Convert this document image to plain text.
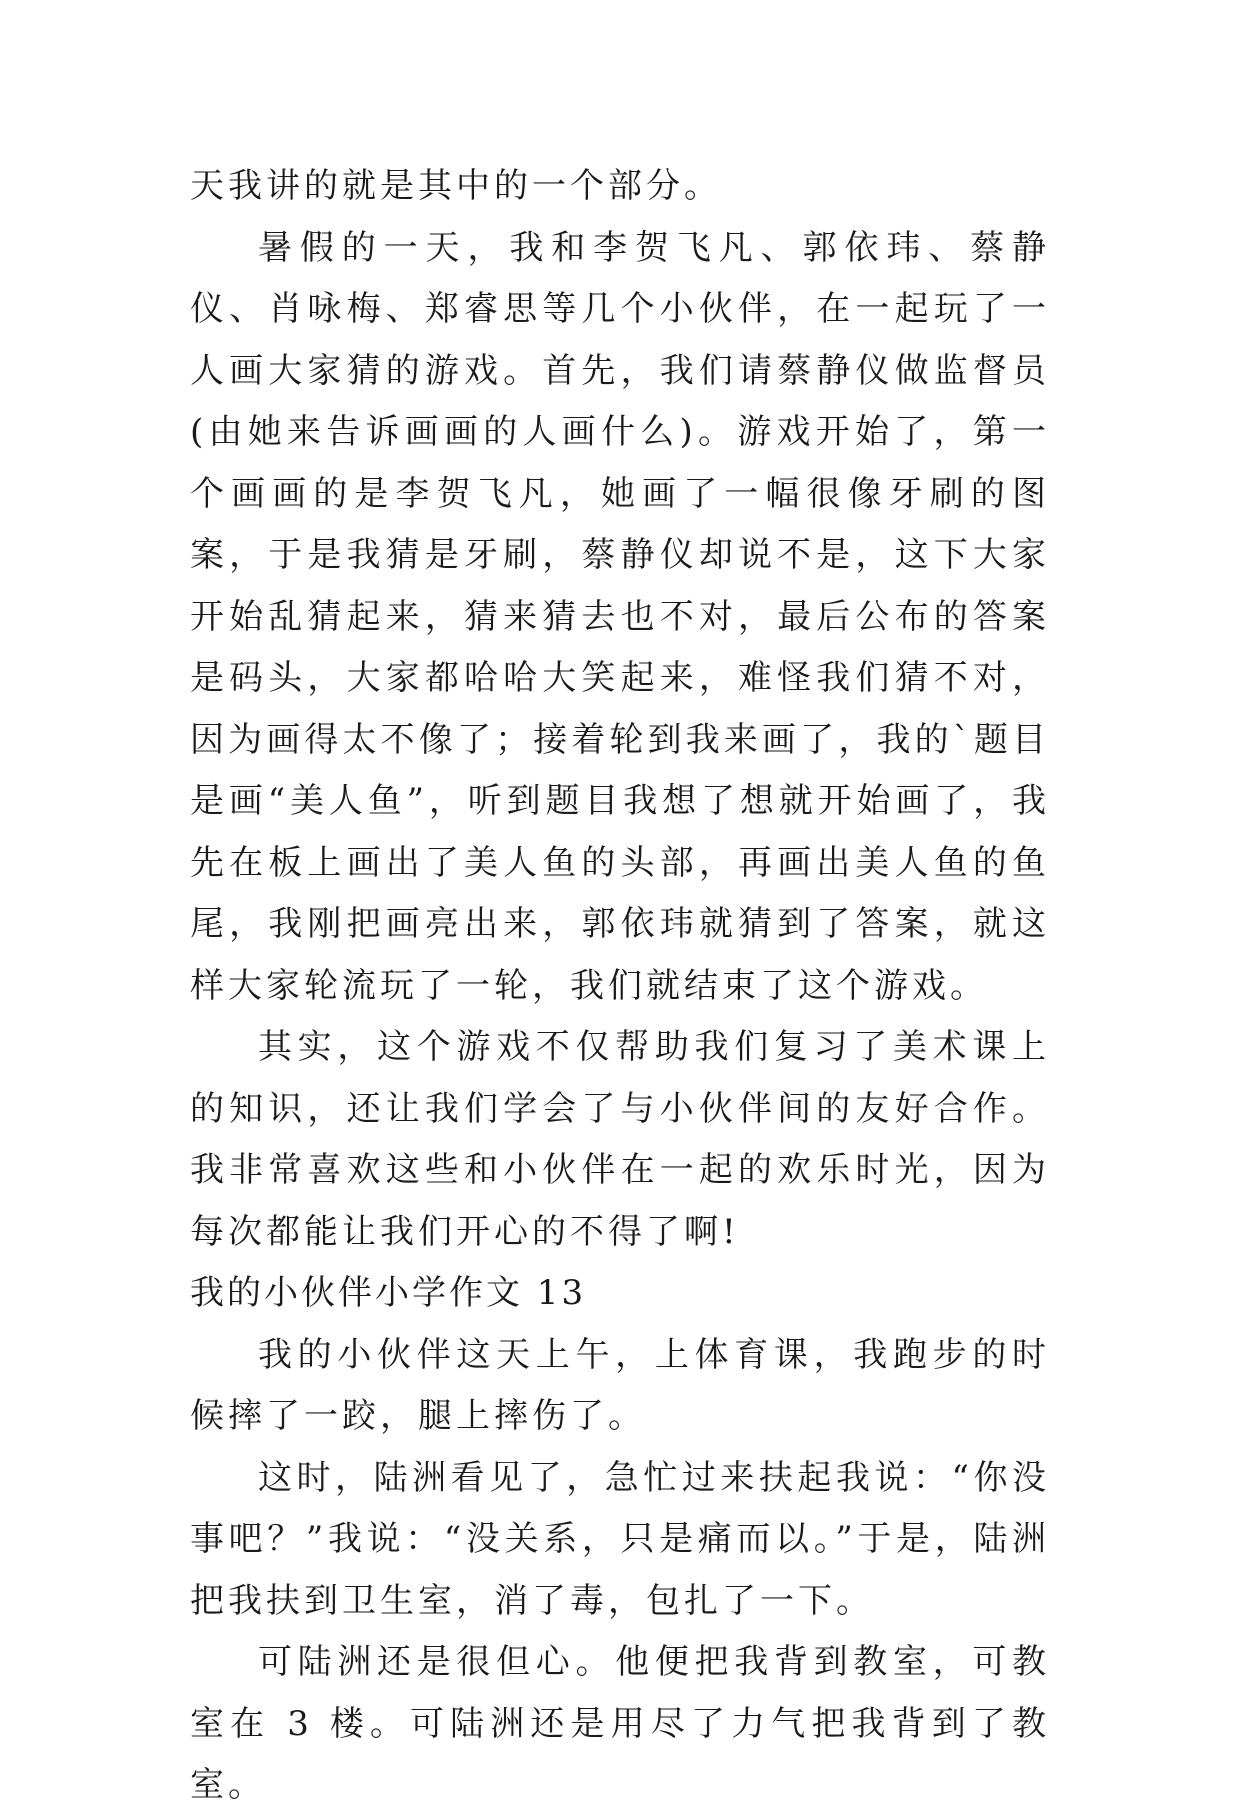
天我讲的就是其中的一个部分。

暑假的一天，我和李贺飞凡、郭依玮、蔡静仪、肖咏梅、郑睿思等几个小伙伴，在一起玩了一人画大家猜的游戏。首先，我们请蔡静仪做监督员(由她来告诉画画的人画什么)。游戏开始了，第一个画画的是李贺飞凡，她画了一幅很像牙刷的图案，于是我猜是牙刷，蔡静仪却说不是，这下大家开始乱猜起来，猜来猜去也不对，最后公布的答案是码头，大家都哈哈大笑起来，难怪我们猜不对，因为画得太不像了；接着轮到我来画了，我的`题目是画“美人鱼”，听到题目我想了想就开始画了，我先在板上画出了美人鱼的头部，再画出美人鱼的鱼尾，我刚把画亮出来，郭依玮就猜到了答案，就这样大家轮流玩了一轮，我们就结束了这个游戏。

其实，这个游戏不仅帮助我们复习了美术课上的知识，还让我们学会了与小伙伴间的友好合作。我非常喜欢这些和小伙伴在一起的欢乐时光，因为每次都能让我们开心的不得了啊!

我的小伙伴小学作文 13

我的小伙伴这天上午，上体育课，我跑步的时候摔了一跤，腿上摔伤了。

这时，陆洲看见了，急忙过来扶起我说：“你没事吧？”我说：“没关系，只是痛而以。”于是，陆洲把我扶到卫生室，消了毒，包扎了一下。

可陆洲还是很但心。他便把我背到教室，可教室在 3 楼。可陆洲还是用尽了力气把我背到了教室。
